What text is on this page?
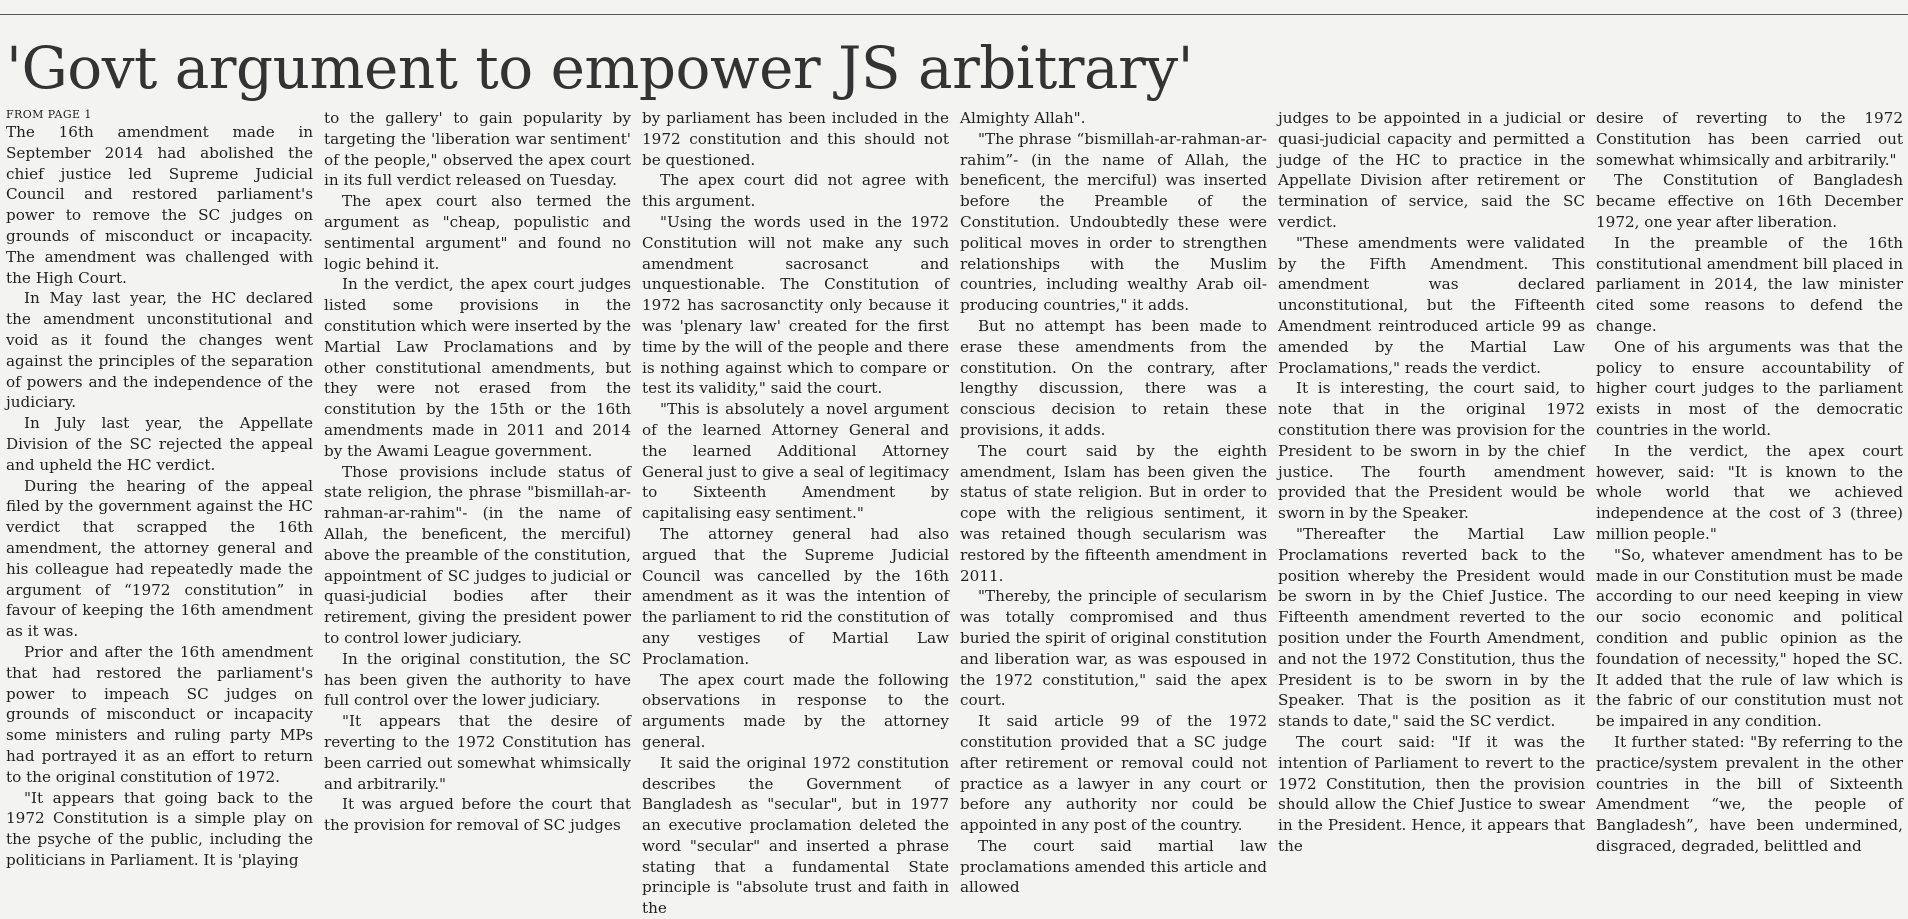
'Govt argument to empower JS arbitrary'
FROM PAGE 1

The 16th amendment made in September 2014 had abolished the chief justice led Supreme Judicial Council and restored parliament's power to remove the SC judges on grounds of misconduct or incapacity. The amendment was challenged with the High Court.

In May last year, the HC declared the amendment unconstitutional and void as it found the changes went against the principles of the separation of powers and the independence of the judiciary.

In July last year, the Appellate Division of the SC rejected the appeal and upheld the HC verdict.

During the hearing of the appeal filed by the government against the HC verdict that scrapped the 16th amendment, the attorney general and his colleague had repeatedly made the argument of “1972 constitution” in favour of keeping the 16th amendment as it was.

Prior and after the 16th amendment that had restored the parliament's power to impeach SC judges on grounds of misconduct or incapacity some ministers and ruling party MPs had portrayed it as an effort to return to the original constitution of 1972.

"It appears that going back to the 1972 Constitution is a simple play on the psyche of the public, including the politicians in Parliament. It is 'playing

to the gallery' to gain popularity by targeting the 'liberation war sentiment' of the people," observed the apex court in its full verdict released on Tuesday.

The apex court also termed the argument as "cheap, populistic and sentimental argument" and found no logic behind it.

In the verdict, the apex court judges listed some provisions in the constitution which were inserted by the Martial Law Proclamations and by other constitutional amendments, but they were not erased from the constitution by the 15th or the 16th amendments made in 2011 and 2014 by the Awami League government.

Those provisions include status of state religion, the phrase "bismillah-ar-rahman-ar-rahim"- (in the name of Allah, the beneficent, the merciful) above the preamble of the constitution, appointment of SC judges to judicial or quasi-judicial bodies after their retirement, giving the president power to control lower judiciary.

In the original constitution, the SC has been given the authority to have full control over the lower judiciary.

"It appears that the desire of reverting to the 1972 Constitution has been carried out somewhat whimsically and arbitrarily."

It was argued before the court that the provision for removal of SC judges

by parliament has been included in the 1972 constitution and this should not be questioned.

The apex court did not agree with this argument.

"Using the words used in the 1972 Constitution will not make any such amendment sacrosanct and unquestionable. The Constitution of 1972 has sacrosanctity only because it was 'plenary law' created for the first time by the will of the people and there is nothing against which to compare or test its validity," said the court.

"This is absolutely a novel argument of the learned Attorney General and the learned Additional Attorney General just to give a seal of legitimacy to Sixteenth Amendment by capitalising easy sentiment."

The attorney general had also argued that the Supreme Judicial Council was cancelled by the 16th amendment as it was the intention of the parliament to rid the constitution of any vestiges of Martial Law Proclamation.

The apex court made the following observations in response to the arguments made by the attorney general.

It said the original 1972 constitution describes the Government of Bangladesh as "secular", but in 1977 an executive proclamation deleted the word "secular" and inserted a phrase stating that a fundamental State principle is "absolute trust and faith in the

Almighty Allah".

"The phrase “bismillah-ar-rahman-ar-rahim”- (in the name of Allah, the beneficent, the merciful) was inserted before the Preamble of the Constitution. Undoubtedly these were political moves in order to strengthen relationships with the Muslim countries, including wealthy Arab oil-producing countries," it adds.

But no attempt has been made to erase these amendments from the constitution. On the contrary, after lengthy discussion, there was a conscious decision to retain these provisions, it adds.

The court said by the eighth amendment, Islam has been given the status of state religion. But in order to cope with the religious sentiment, it was retained though secularism was restored by the fifteenth amendment in 2011.

"Thereby, the principle of secularism was totally compromised and thus buried the spirit of original constitution and liberation war, as was espoused in the 1972 constitution," said the apex court.

It said article 99 of the 1972 constitution provided that a SC judge after retirement or removal could not practice as a lawyer in any court or before any authority nor could be appointed in any post of the country.

The court said martial law proclamations amended this article and allowed

judges to be appointed in a judicial or quasi-judicial capacity and permitted a judge of the HC to practice in the Appellate Division after retirement or termination of service, said the SC verdict.

"These amendments were validated by the Fifth Amendment. This amendment was declared unconstitutional, but the Fifteenth Amendment reintroduced article 99 as amended by the Martial Law Proclamations," reads the verdict.

It is interesting, the court said, to note that in the original 1972 constitution there was provision for the President to be sworn in by the chief justice. The fourth amendment provided that the President would be sworn in by the Speaker.

"Thereafter the Martial Law Proclamations reverted back to the position whereby the President would be sworn in by the Chief Justice. The Fifteenth amendment reverted to the position under the Fourth Amendment, and not the 1972 Constitution, thus the President is to be sworn in by the Speaker. That is the position as it stands to date," said the SC verdict.

The court said: "If it was the intention of Parliament to revert to the 1972 Constitution, then the provision should allow the Chief Justice to swear in the President. Hence, it appears that the

desire of reverting to the 1972 Constitution has been carried out somewhat whimsically and arbitrarily."

The Constitution of Bangladesh became effective on 16th December 1972, one year after liberation.

In the preamble of the 16th constitutional amendment bill placed in parliament in 2014, the law minister cited some reasons to defend the change.

One of his arguments was that the policy to ensure accountability of higher court judges to the parliament exists in most of the democratic countries in the world.

In the verdict, the apex court however, said: "It is known to the whole world that we achieved independence at the cost of 3 (three) million people."

"So, whatever amendment has to be made in our Constitution must be made according to our need keeping in view our socio economic and political condition and public opinion as the foundation of necessity," hoped the SC. It added that the rule of law which is the fabric of our constitution must not be impaired in any condition.

It further stated: "By referring to the practice/system prevalent in the other countries in the bill of Sixteenth Amendment “we, the people of Bangladesh”, have been undermined, disgraced, degraded, belittled and
